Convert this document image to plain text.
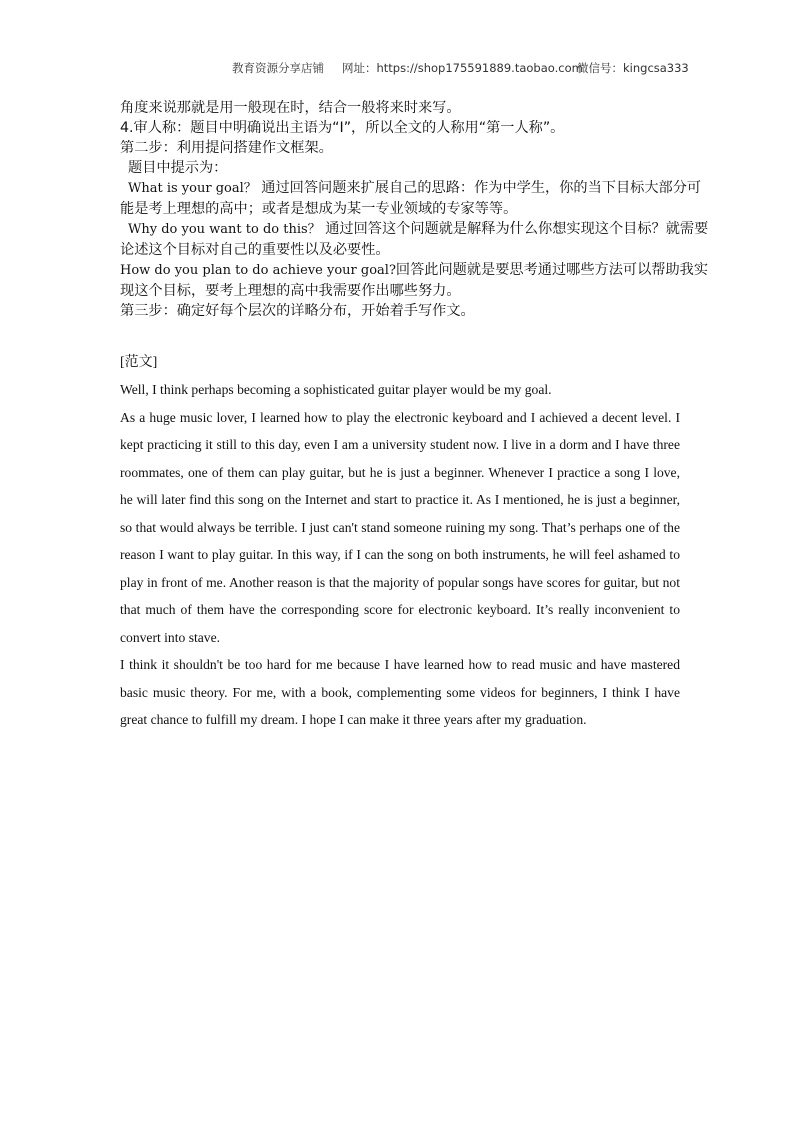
教育资源分享店铺 网址：https://shop175591889.taobao.com
微信号：kingcsa333
角度来说那就是用一般现在时，结合一般将来时来写。
4.审人称：题目中明确说出主语为“I”，所以全文的人称用“第一人称”。
第二步：利用提问搭建作文框架。
题目中提示为：
What is your goal？ 通过回答问题来扩展自己的思路：作为中学生，你的当下目标大部分可
能是考上理想的高中；或者是想成为某一专业领域的专家等等。
Why do you want to do this？ 通过回答这个问题就是解释为什么你想实现这个目标？就需要
论述这个目标对自己的重要性以及必要性。
How do you plan to do achieve your goal?回答此问题就是要思考通过哪些方法可以帮助我实
现这个目标，要考上理想的高中我需要作出哪些努力。
第三步：确定好每个层次的详略分布，开始着手写作文。
[范文]

Well, I think perhaps becoming a sophisticated guitar player would be my goal.

As a huge music lover, I learned how to play the electronic keyboard and I achieved a decent level. I kept practicing it still to this day, even I am a university student now. I live in a dorm and I have three roommates, one of them can play guitar, but he is just a beginner. Whenever I practice a song I love, he will later find this song on the Internet and start to practice it. As I mentioned, he is just a beginner, so that would always be terrible. I just can't stand someone ruining my song. That’s perhaps one of the reason I want to play guitar. In this way, if I can the song on both instruments, he will feel ashamed to play in front of me. Another reason is that the majority of popular songs have scores for guitar, but not that much of them have the corresponding score for electronic keyboard. It’s really inconvenient to convert into stave.

I think it shouldn't be too hard for me because I have learned how to read music and have mastered basic music theory. For me, with a book, complementing some videos for beginners, I think I have great chance to fulfill my dream. I hope I can make it three years after my graduation.
